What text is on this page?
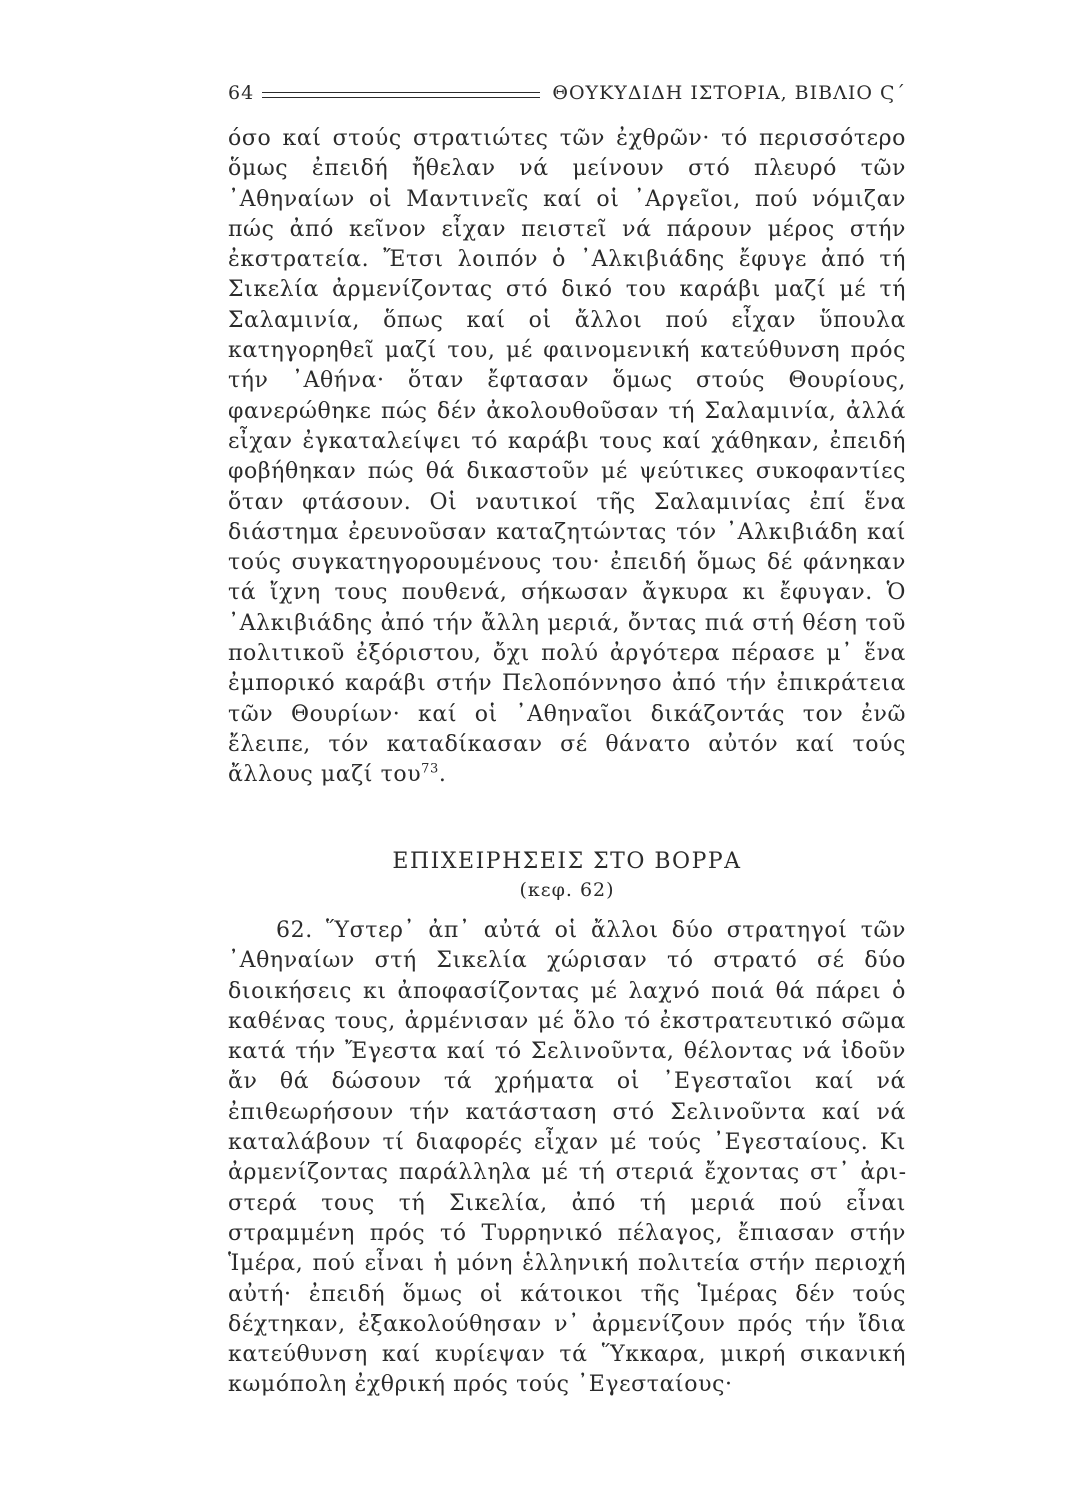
64	ΘΟΥΚΥΔΙΔΗ ΙΣΤΟΡΙΑ, ΒΙΒΛΙΟ Ϛ΄

όσο καί στούς στρατιώτες τῶν ἐχθρῶν· τό περισσότερο ὅμως ἐπειδή ἤθελαν νά μείνουν στό πλευρό τῶν ᾿Αθηναίων οἱ Μαντινεῖς καί οἱ ᾿Αργεῖοι, πού νόμιζαν πώς ἀπό κεῖνον εἶχαν πειστεῖ νά πάρουν μέρος στήν ἐκστρατεία. Ἔτσι λοιπόν ὁ ᾿Αλκιβιάδης ἔφυγε ἀπό τή Σικελία ἀρμενίζοντας στό δικό του καράβι μαζί μέ τή Σαλαμινία, ὅπως καί οἱ ἄλλοι πού εἶχαν ὕπουλα κατηγορηθεῖ μαζί του, μέ φαινομενική κατεύθυνση πρός τήν ᾿Αθήνα· ὅταν ἔφτασαν ὅμως στούς Θουρίους, φανερώθηκε πώς δέν ἀκολουθοῦσαν τή Σαλαμινία, ἀλλά εἶχαν ἐγκαταλείψει τό καράβι τους καί χάθηκαν, ἐπειδή φοβήθηκαν πώς θά δικαστοῦν μέ ψεύτικες συκοφαντίες ὅταν φτάσουν. Οἱ ναυτικοί τῆς Σαλαμινίας ἐπί ἕνα διάστημα ἐρευνοῦσαν καταζητώντας τόν ᾿Αλκιβιάδη καί τούς συγκατηγορουμένους του· ἐπειδή ὅμως δέ φάνηκαν τά ἴχνη τους πουθενά, σήκωσαν ἄγκυρα κι ἔφυγαν. Ὁ ᾿Αλκιβιάδης ἀπό τήν ἄλλη μεριά, ὄντας πιά στή θέση τοῦ πολιτικοῦ ἐξόριστου, ὄχι πολύ ἀργότερα πέρασε μ᾿ ἕνα ἐμπορικό καράβι στήν Πελοπόννησο ἀπό τήν ἐπικράτεια τῶν Θουρίων· καί οἱ ᾿Αθηναῖοι δικάζοντάς τον ἐνῶ ἔλειπε, τόν καταδίκασαν σέ θάνατο αὐτόν καί τούς ἄλλους μαζί του$^{73}$.

ΕΠΙΧΕΙΡΗΣΕΙΣ ΣΤΟ ΒΟΡΡΑ

(κεφ. 62)

62. Ὕστερ᾿ ἀπ᾿ αὐτά οἱ ἄλλοι δύο στρατηγοί τῶν ᾿Αθηναίων στή Σικελία χώρισαν τό στρατό σέ δύο διοικήσεις κι ἀποφασίζοντας μέ λαχνό ποιά θά πάρει ὁ καθένας τους, ἀρμένισαν μέ ὅλο τό ἐκστρατευτικό σῶμα κατά τήν Ἔγεστα καί τό Σελινοῦντα, θέλοντας νά ἰδοῦν ἄν θά δώσουν τά χρήματα οἱ ᾿Εγεσταῖοι καί νά ἐπιθεωρήσουν τήν κατάσταση στό Σελινοῦντα καί νά καταλάβουν τί διαφορές εἶχαν μέ τούς ᾿Εγεσταίους. Κι ἀρμενίζοντας παράλληλα μέ τή στεριά ἔχοντας στ᾿ ἀριστερά τους τή Σικελία, ἀπό τή μεριά πού εἶναι στραμμένη πρός τό Τυρρηνικό πέλαγος, ἔπιασαν στήν Ἱμέρα, πού εἶναι ἡ μόνη ἑλληνική πολιτεία στήν περιοχή αὐτή· ἐπειδή ὅμως οἱ κάτοικοι τῆς Ἱμέρας δέν τούς δέχτηκαν, ἐξακολούθησαν ν᾿ ἀρμενίζουν πρός τήν ἴδια κατεύθυνση καί κυρίεψαν τά Ὕκκαρα, μικρή σικανική κωμόπολη ἐχθρική πρός τούς ᾿Εγεσταίους·
